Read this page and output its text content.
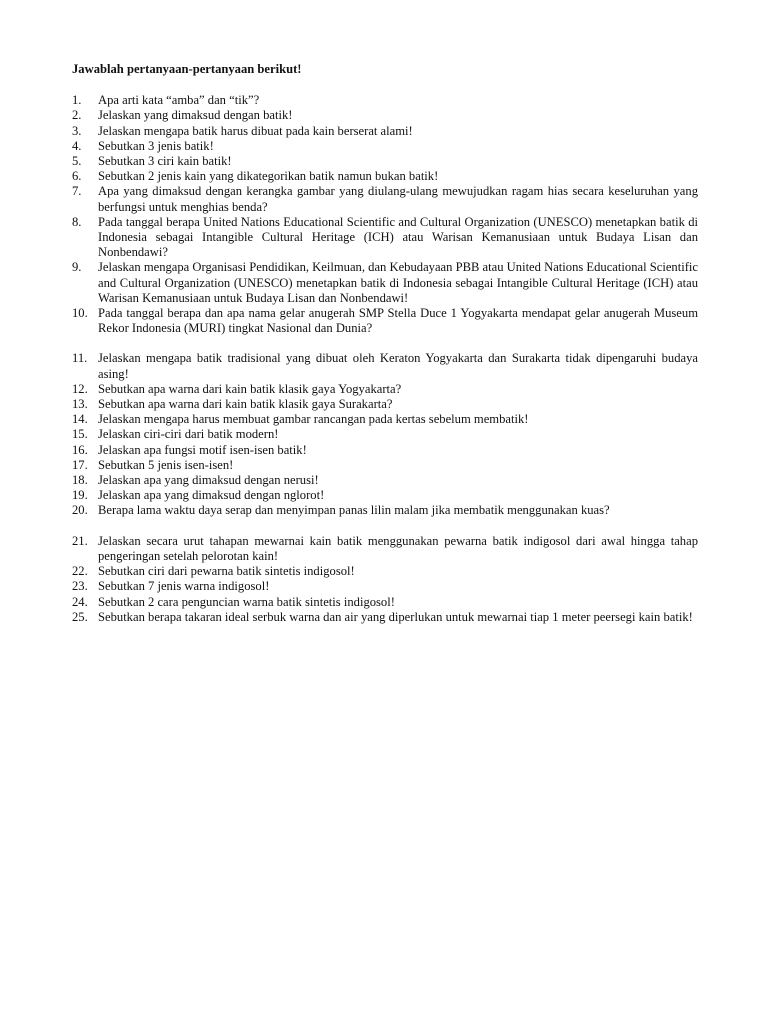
Jawablah pertanyaan-pertanyaan berikut!

1.	Apa arti kata “amba” dan “tik”?
2.	Jelaskan yang dimaksud dengan batik!
3.	Jelaskan mengapa batik harus dibuat pada kain berserat alami!
4.	Sebutkan 3 jenis batik!
5.	Sebutkan 3 ciri kain batik!
6.	Sebutkan 2 jenis kain yang dikategorikan batik namun bukan batik!
7.	Apa yang dimaksud dengan kerangka gambar yang diulang-ulang mewujudkan ragam hias secara keseluruhan yang berfungsi untuk menghias benda?
8.	Pada tanggal berapa United Nations Educational Scientific and Cultural Organization (UNESCO) menetapkan batik di Indonesia sebagai Intangible Cultural Heritage (ICH) atau Warisan Kemanusiaan untuk Budaya Lisan dan Nonbendawi?
9.	Jelaskan mengapa Organisasi Pendidikan, Keilmuan, dan Kebudayaan PBB atau United Nations Educational Scientific and Cultural Organization (UNESCO) menetapkan batik di Indonesia sebagai Intangible Cultural Heritage (ICH) atau Warisan Kemanusiaan untuk Budaya Lisan dan Nonbendawi!
10. Pada tanggal berapa dan apa nama gelar anugerah SMP Stella Duce 1 Yogyakarta mendapat gelar anugerah Museum Rekor Indonesia (MURI) tingkat Nasional dan Dunia?
11. Jelaskan mengapa batik tradisional yang dibuat oleh Keraton Yogyakarta dan Surakarta tidak dipengaruhi budaya asing!
12. Sebutkan apa warna dari kain batik klasik gaya Yogyakarta?
13. Sebutkan apa warna dari kain batik klasik gaya Surakarta?
14. Jelaskan mengapa harus membuat gambar rancangan pada kertas sebelum membatik!
15. Jelaskan ciri-ciri dari batik modern!
16. Jelaskan apa fungsi motif isen-isen batik!
17. Sebutkan 5 jenis isen-isen!
18. Jelaskan apa yang dimaksud dengan nerusi!
19. Jelaskan apa yang dimaksud dengan nglorot!
20. Berapa lama waktu daya serap dan menyimpan panas lilin malam jika membatik menggunakan kuas?
21. Jelaskan secara urut tahapan mewarnai kain batik menggunakan pewarna batik indigosol dari awal hingga tahap pengeringan setelah pelorotan kain!
22. Sebutkan ciri dari pewarna batik sintetis indigosol!
23. Sebutkan 7 jenis warna indigosol!
24. Sebutkan 2 cara penguncian warna batik sintetis indigosol!
25. Sebutkan berapa takaran ideal serbuk warna dan air yang diperlukan untuk mewarnai tiap 1 meter peersegi kain batik!
